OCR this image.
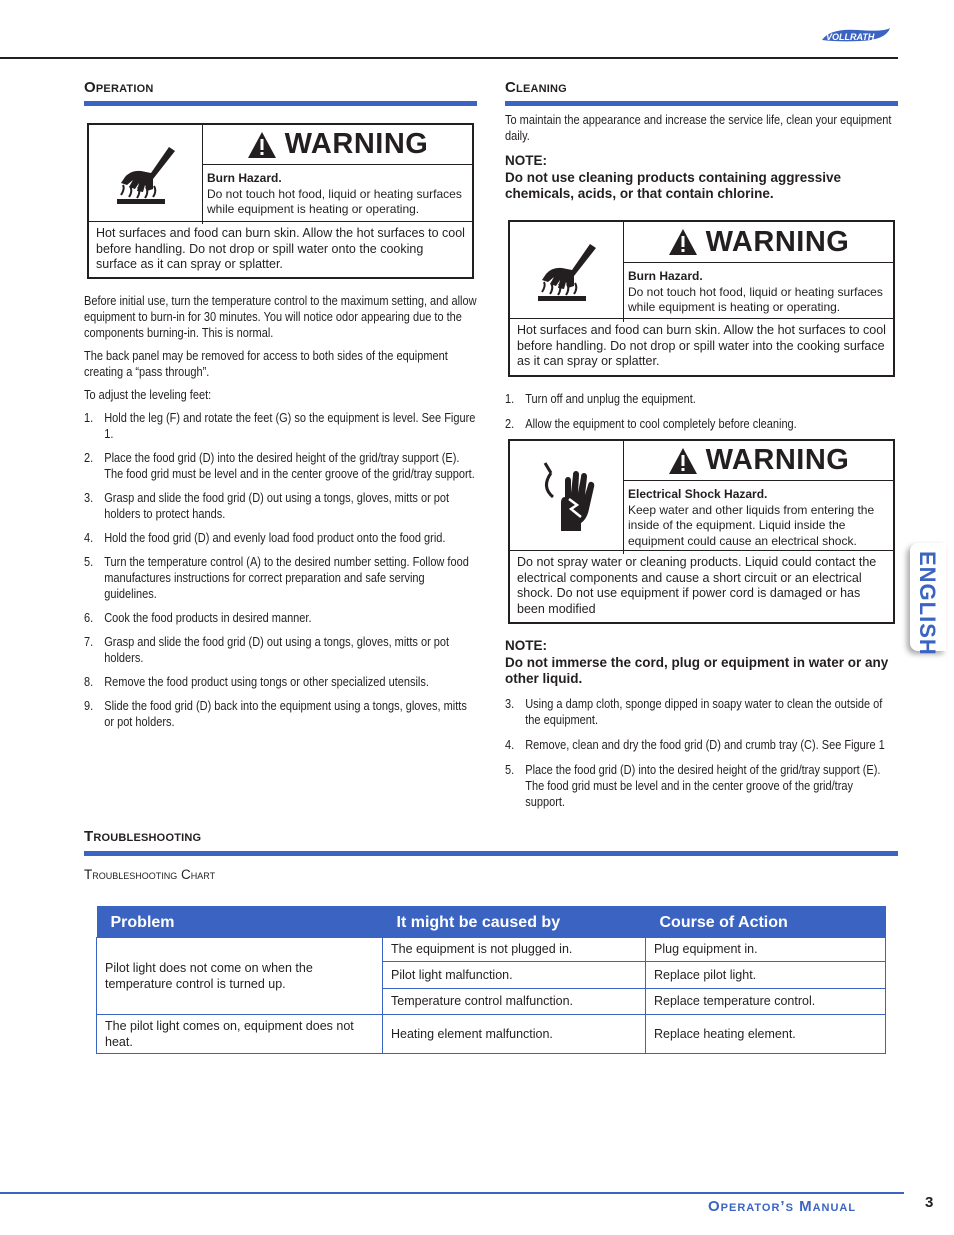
VOLLRATH
Operation
WARNING
Burn Hazard.
Do not touch hot food, liquid or heating surfaces while equipment is heating or operating.
Hot surfaces and food can burn skin. Allow the hot surfaces to cool before handling. Do not drop or spill water onto the cooking surface as it can spray or splatter.

Before initial use, turn the temperature control to the maximum setting, and allow equipment to burn-in for 30 minutes. You will notice odor appearing due to the components burning-in. This is normal.

The back panel may be removed for access to both sides of the equipment creating a “pass through”.

To adjust the leveling feet:

1. Hold the leg (F) and rotate the feet (G) so the equipment is level. See Figure 1.
2. Place the food grid (D) into the desired height of the grid/tray support (E). The food grid must be level and in the center groove of the grid/tray support.
3. Grasp and slide the food grid (D) out using a tongs, gloves, mitts or pot holders to protect hands.
4. Hold the food grid (D) and evenly load food product onto the food grid.
5. Turn the temperature control (A) to the desired number setting. Follow food manufactures instructions for correct preparation and safe serving guidelines.
6. Cook the food products in desired manner.
7. Grasp and slide the food grid (D) out using a tongs, gloves, mitts or pot holders.
8. Remove the food product using tongs or other specialized utensils.
9. Slide the food grid (D) back into the equipment using a tongs, gloves, mitts or pot holders.
Cleaning
To maintain the appearance and increase the service life, clean your equipment daily.
NOTE:
Do not use cleaning products containing aggressive chemicals, acids, or that contain chlorine.
WARNING
Burn Hazard.
Do not touch hot food, liquid or heating surfaces while equipment is heating or operating.
Hot surfaces and food can burn skin. Allow the hot surfaces to cool before handling. Do not drop or spill water into the cooking surface as it can spray or splatter.
1. Turn off and unplug the equipment.
2. Allow the equipment to cool completely before cleaning.
WARNING
Electrical Shock Hazard.
Keep water and other liquids from entering the inside of the equipment. Liquid inside the equipment could cause an electrical shock.
Do not spray water or cleaning products. Liquid could contact the electrical components and cause a short circuit or an electrical shock. Do not use equipment if power cord is damaged or has been modified
NOTE:
Do not immerse the cord, plug or equipment in water or any other liquid.
3. Using a damp cloth, sponge dipped in soapy water to clean the outside of the equipment.
4. Remove, clean and dry the food grid (D) and crumb tray (C). See Figure 1
5. Place the food grid (D) into the desired height of the grid/tray support (E). The food grid must be level and in the center groove of the grid/tray support.
Troubleshooting
Troubleshooting Chart
Problem	It might be caused by	Course of Action
Pilot light does not come on when the temperature control is turned up.	The equipment is not plugged in.	Plug equipment in.
	Pilot light malfunction.	Replace pilot light.
	Temperature control malfunction.	Replace temperature control.
The pilot light comes on, equipment does not heat.	Heating element malfunction.	Replace heating element.
ENGLISH
Operator’s Manual	3
